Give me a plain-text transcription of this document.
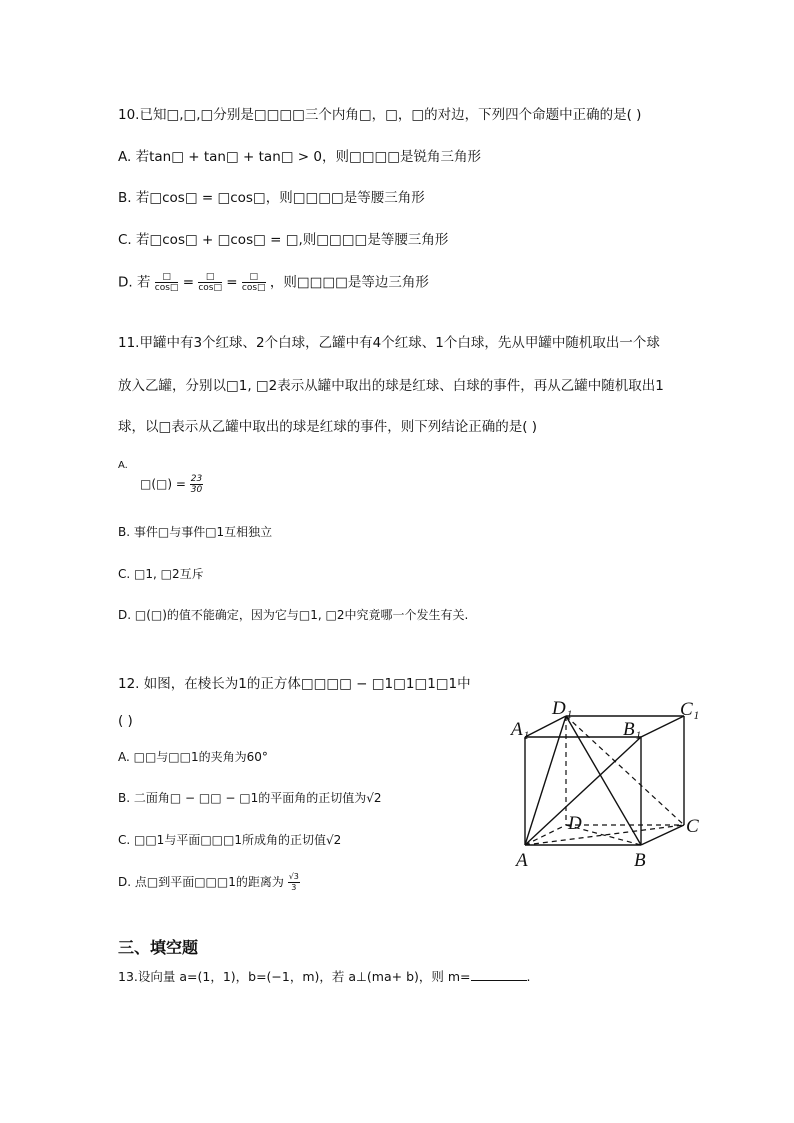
10.已知□,□,□分别是□□□□三个内角□，□，□的对边，下列四个命题中正确的是( )
A. 若tan□ + tan□ + tan□ > 0，则□□□□是锐角三角形
B. 若□cos□ = □cos□，则□□□□是等腰三角形
C. 若□cos□ + □cos□ = □,则□□□□是等腰三角形
D. 若 $\frac{□}{\cos□} = \frac{□}{\cos□} = \frac{□}{\cos□}$ ，则□□□□是等边三角形
11.甲罐中有3个红球、2个白球，乙罐中有4个红球、1个白球，先从甲罐中随机取出一个球
放入乙罐，分别以□1, □2表示从罐中取出的球是红球、白球的事件，再从乙罐中随机取出1
球，以□表示从乙罐中取出的球是红球的事件，则下列结论正确的是( )
A.
□(□) = $\frac{23}{30}$
B. 事件□与事件□1互相独立
C. □1, □2互斥
D. □(□)的值不能确定，因为它与□1, □2中究竟哪一个发生有关.
12. 如图，在棱长为1的正方体□□□□ − □1□1□1□1中
( )
A. □□与□□1的夹角为60°
B. 二面角□ − □□ − □1的平面角的正切值为√2
C. □□1与平面□□□1所成角的正切值√2
D. 点□到平面□□□1的距离为 $\frac{√3}{3}$
A₁
D₁	C₁
B₁
D	C
A	B
三、填空题
13.设向量 a=(1，1)，b=(−1，m)，若 a⊥(ma+ b)，则 m=	.
